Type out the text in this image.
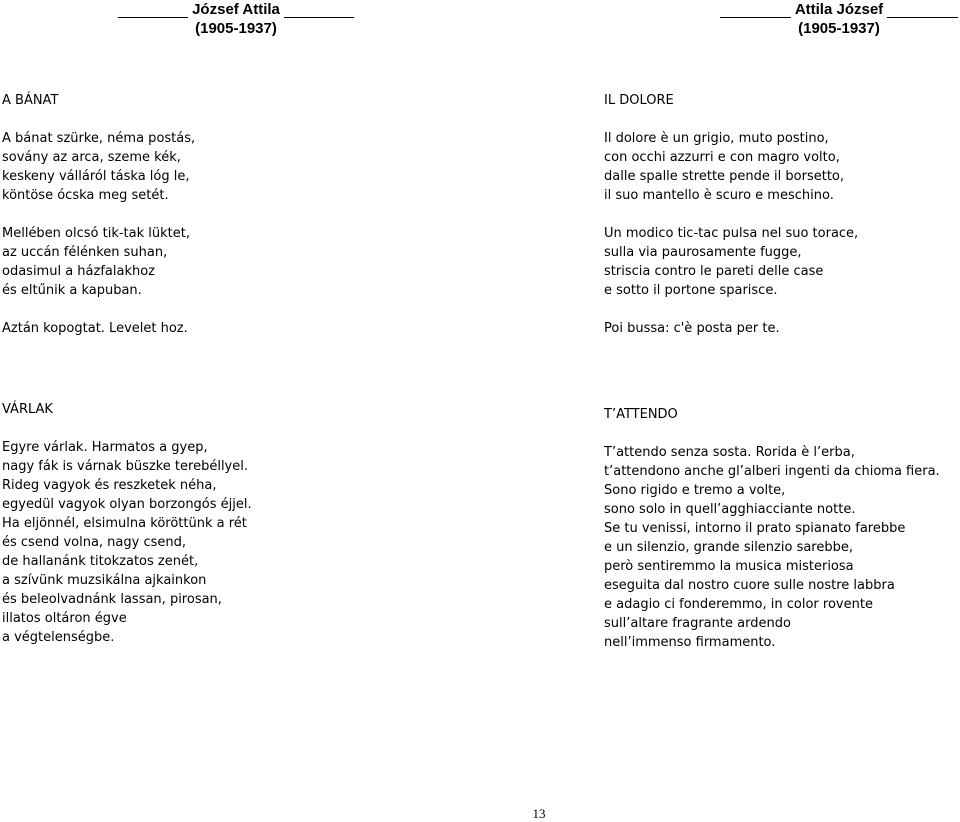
József Attila
(1905-1937)
Attila József
(1905-1937)

A BÁNAT

A bánat szürke, néma postás,
sovány az arca, szeme kék,
keskeny válláról táska lóg le,
köntöse ócska meg setét.

Mellében olcsó tik-tak lüktet,
az uccán félénken suhan,
odasimul a házfalakhoz
és eltűnik a kapuban.

Aztán kopogtat. Levelet hoz.

IL DOLORE

Il dolore è un grigio, muto postino,
con occhi azzurri e con magro volto,
dalle spalle strette pende il borsetto,
il suo mantello è scuro e meschino.

Un modico tic-tac pulsa nel suo torace,
sulla via paurosamente fugge,
striscia contro le pareti delle case
e sotto il portone sparisce.

Poi bussa: c'è posta per te.

VÁRLAK

Egyre várlak. Harmatos a gyep,
nagy fák is várnak büszke terebéllyel.
Rideg vagyok és reszketek néha,
egyedül vagyok olyan borzongós éjjel.
Ha eljönnél, elsimulna köröttünk a rét
és csend volna, nagy csend,
de hallanánk titokzatos zenét,
a szívünk muzsikálna ajkainkon
és beleolvadnánk lassan, pirosan,
illatos oltáron égve
a végtelenségbe.

T’ATTENDO

T’attendo senza sosta. Rorida è l’erba,
t’attendono anche gl’alberi ingenti da chioma fiera.
Sono rigido e tremo a volte,
sono solo in quell’agghiacciante notte.
Se tu venissi, intorno il prato spianato farebbe
e un silenzio, grande silenzio sarebbe,
però sentiremmo la musica misteriosa
eseguita dal nostro cuore sulle nostre labbra
e adagio ci fonderemmo, in color rovente
sull’altare fragrante ardendo
nell’immenso firmamento.

13
